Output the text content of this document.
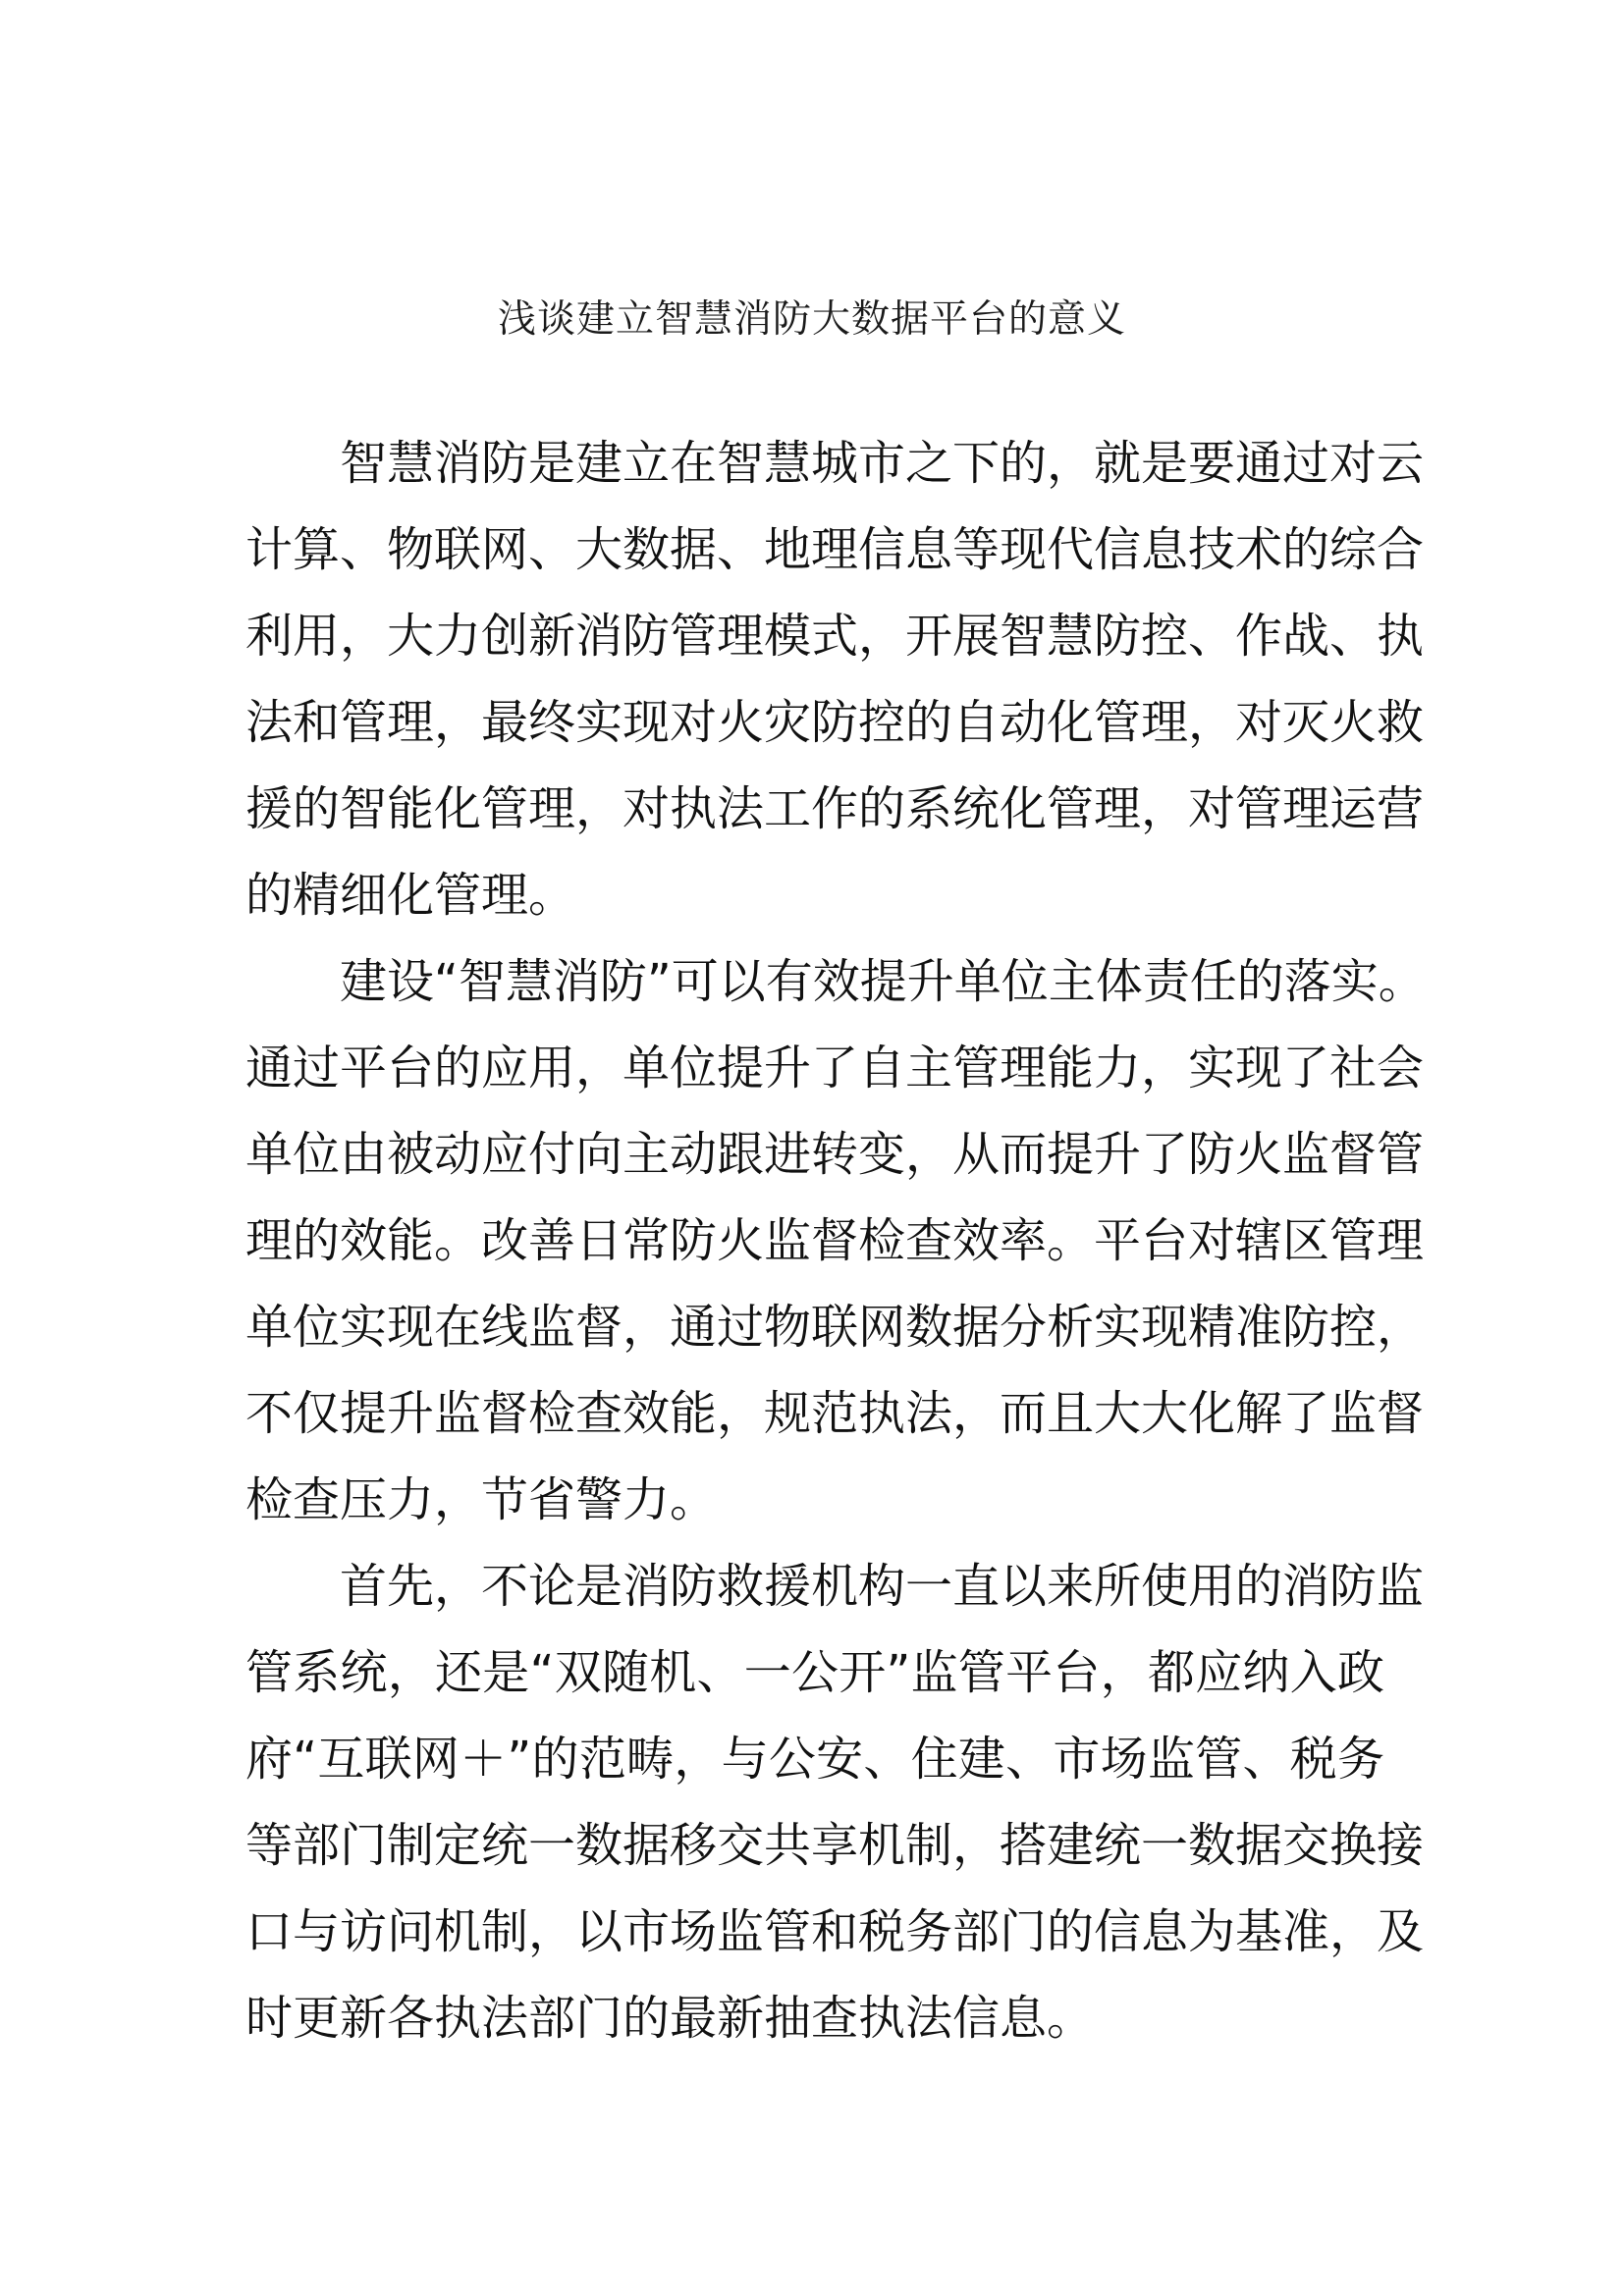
浅谈建立智慧消防大数据平台的意义
智慧消防是建立在智慧城市之下的，就是要通过对云
计算、物联网、大数据、地理信息等现代信息技术的综合
利用，大力创新消防管理模式，开展智慧防控、作战、执
法和管理，最终实现对火灾防控的自动化管理，对灭火救
援的智能化管理，对执法工作的系统化管理，对管理运营
的精细化管理。
建设“智慧消防”可以有效提升单位主体责任的落实。
通过平台的应用，单位提升了自主管理能力，实现了社会
单位由被动应付向主动跟进转变，从而提升了防火监督管
理的效能。改善日常防火监督检查效率。平台对辖区管理
单位实现在线监督，通过物联网数据分析实现精准防控，
不仅提升监督检查效能，规范执法，而且大大化解了监督
检查压力，节省警力。
首先，不论是消防救援机构一直以来所使用的消防监
管系统，还是“双随机、一公开”监管平台，都应纳入政
府“互联网＋”的范畴，与公安、住建、市场监管、税务
等部门制定统一数据移交共享机制，搭建统一数据交换接
口与访问机制，以市场监管和税务部门的信息为基准，及
时更新各执法部门的最新抽查执法信息。
